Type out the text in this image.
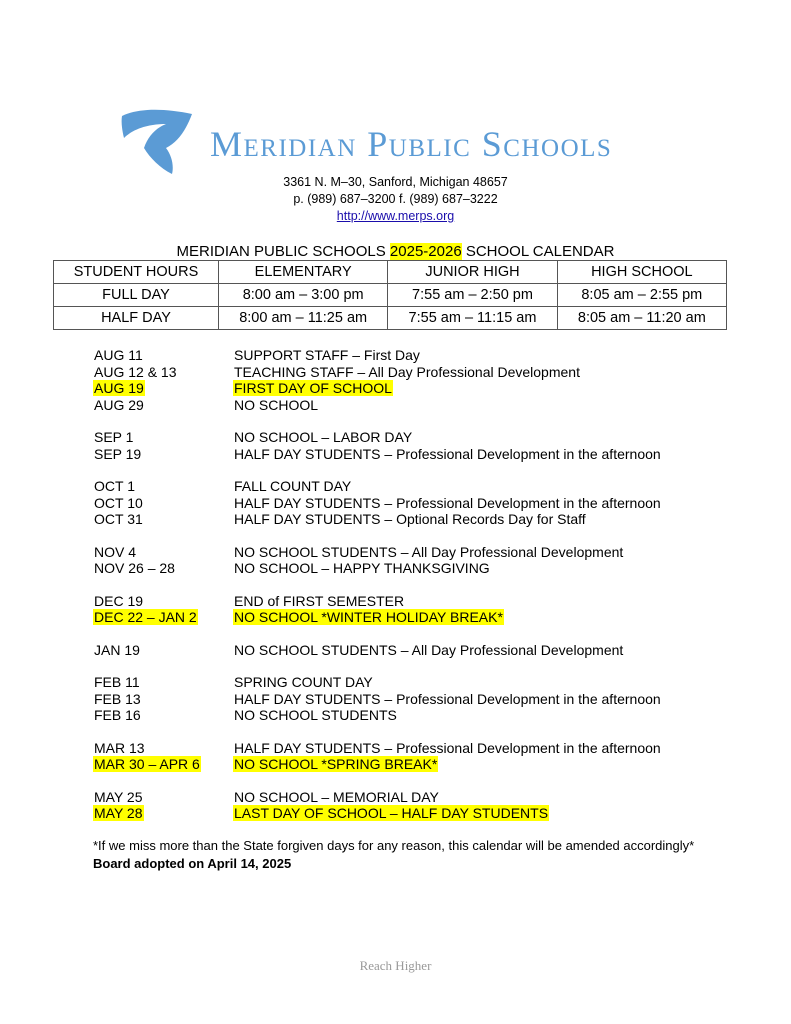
Meridian Public Schools
3361 N. M–30, Sanford, Michigan 48657
p. (989) 687–3200 f. (989) 687–3222
http://www.merps.org
MERIDIAN PUBLIC SCHOOLS 2025-2026 SCHOOL CALENDAR
STUDENT HOURS	ELEMENTARY	JUNIOR HIGH	HIGH SCHOOL
FULL DAY	8:00 am – 3:00 pm	7:55 am – 2:50 pm	8:05 am – 2:55 pm
HALF DAY	8:00 am – 11:25 am	7:55 am – 11:15 am	8:05 am – 11:20 am
AUG 11	SUPPORT STAFF – First Day
AUG 12 & 13	TEACHING STAFF – All Day Professional Development
AUG 19	FIRST DAY OF SCHOOL
AUG 29	NO SCHOOL
SEP 1	NO SCHOOL – LABOR DAY
SEP 19	HALF DAY STUDENTS – Professional Development in the afternoon
OCT 1	FALL COUNT DAY
OCT 10	HALF DAY STUDENTS – Professional Development in the afternoon
OCT 31	HALF DAY STUDENTS – Optional Records Day for Staff
NOV 4	NO SCHOOL STUDENTS – All Day Professional Development
NOV 26 – 28	NO SCHOOL – HAPPY THANKSGIVING
DEC 19	END of FIRST SEMESTER
DEC 22 – JAN 2	NO SCHOOL *WINTER HOLIDAY BREAK*
JAN 19	NO SCHOOL STUDENTS – All Day Professional Development
FEB 11	SPRING COUNT DAY
FEB 13	HALF DAY STUDENTS – Professional Development in the afternoon
FEB 16	NO SCHOOL STUDENTS
MAR 13	HALF DAY STUDENTS – Professional Development in the afternoon
MAR 30 – APR 6	NO SCHOOL *SPRING BREAK*
MAY 25	NO SCHOOL – MEMORIAL DAY
MAY 28	LAST DAY OF SCHOOL – HALF DAY STUDENTS
*If we miss more than the State forgiven days for any reason, this calendar will be amended accordingly*
Board adopted on April 14, 2025
Reach Higher
